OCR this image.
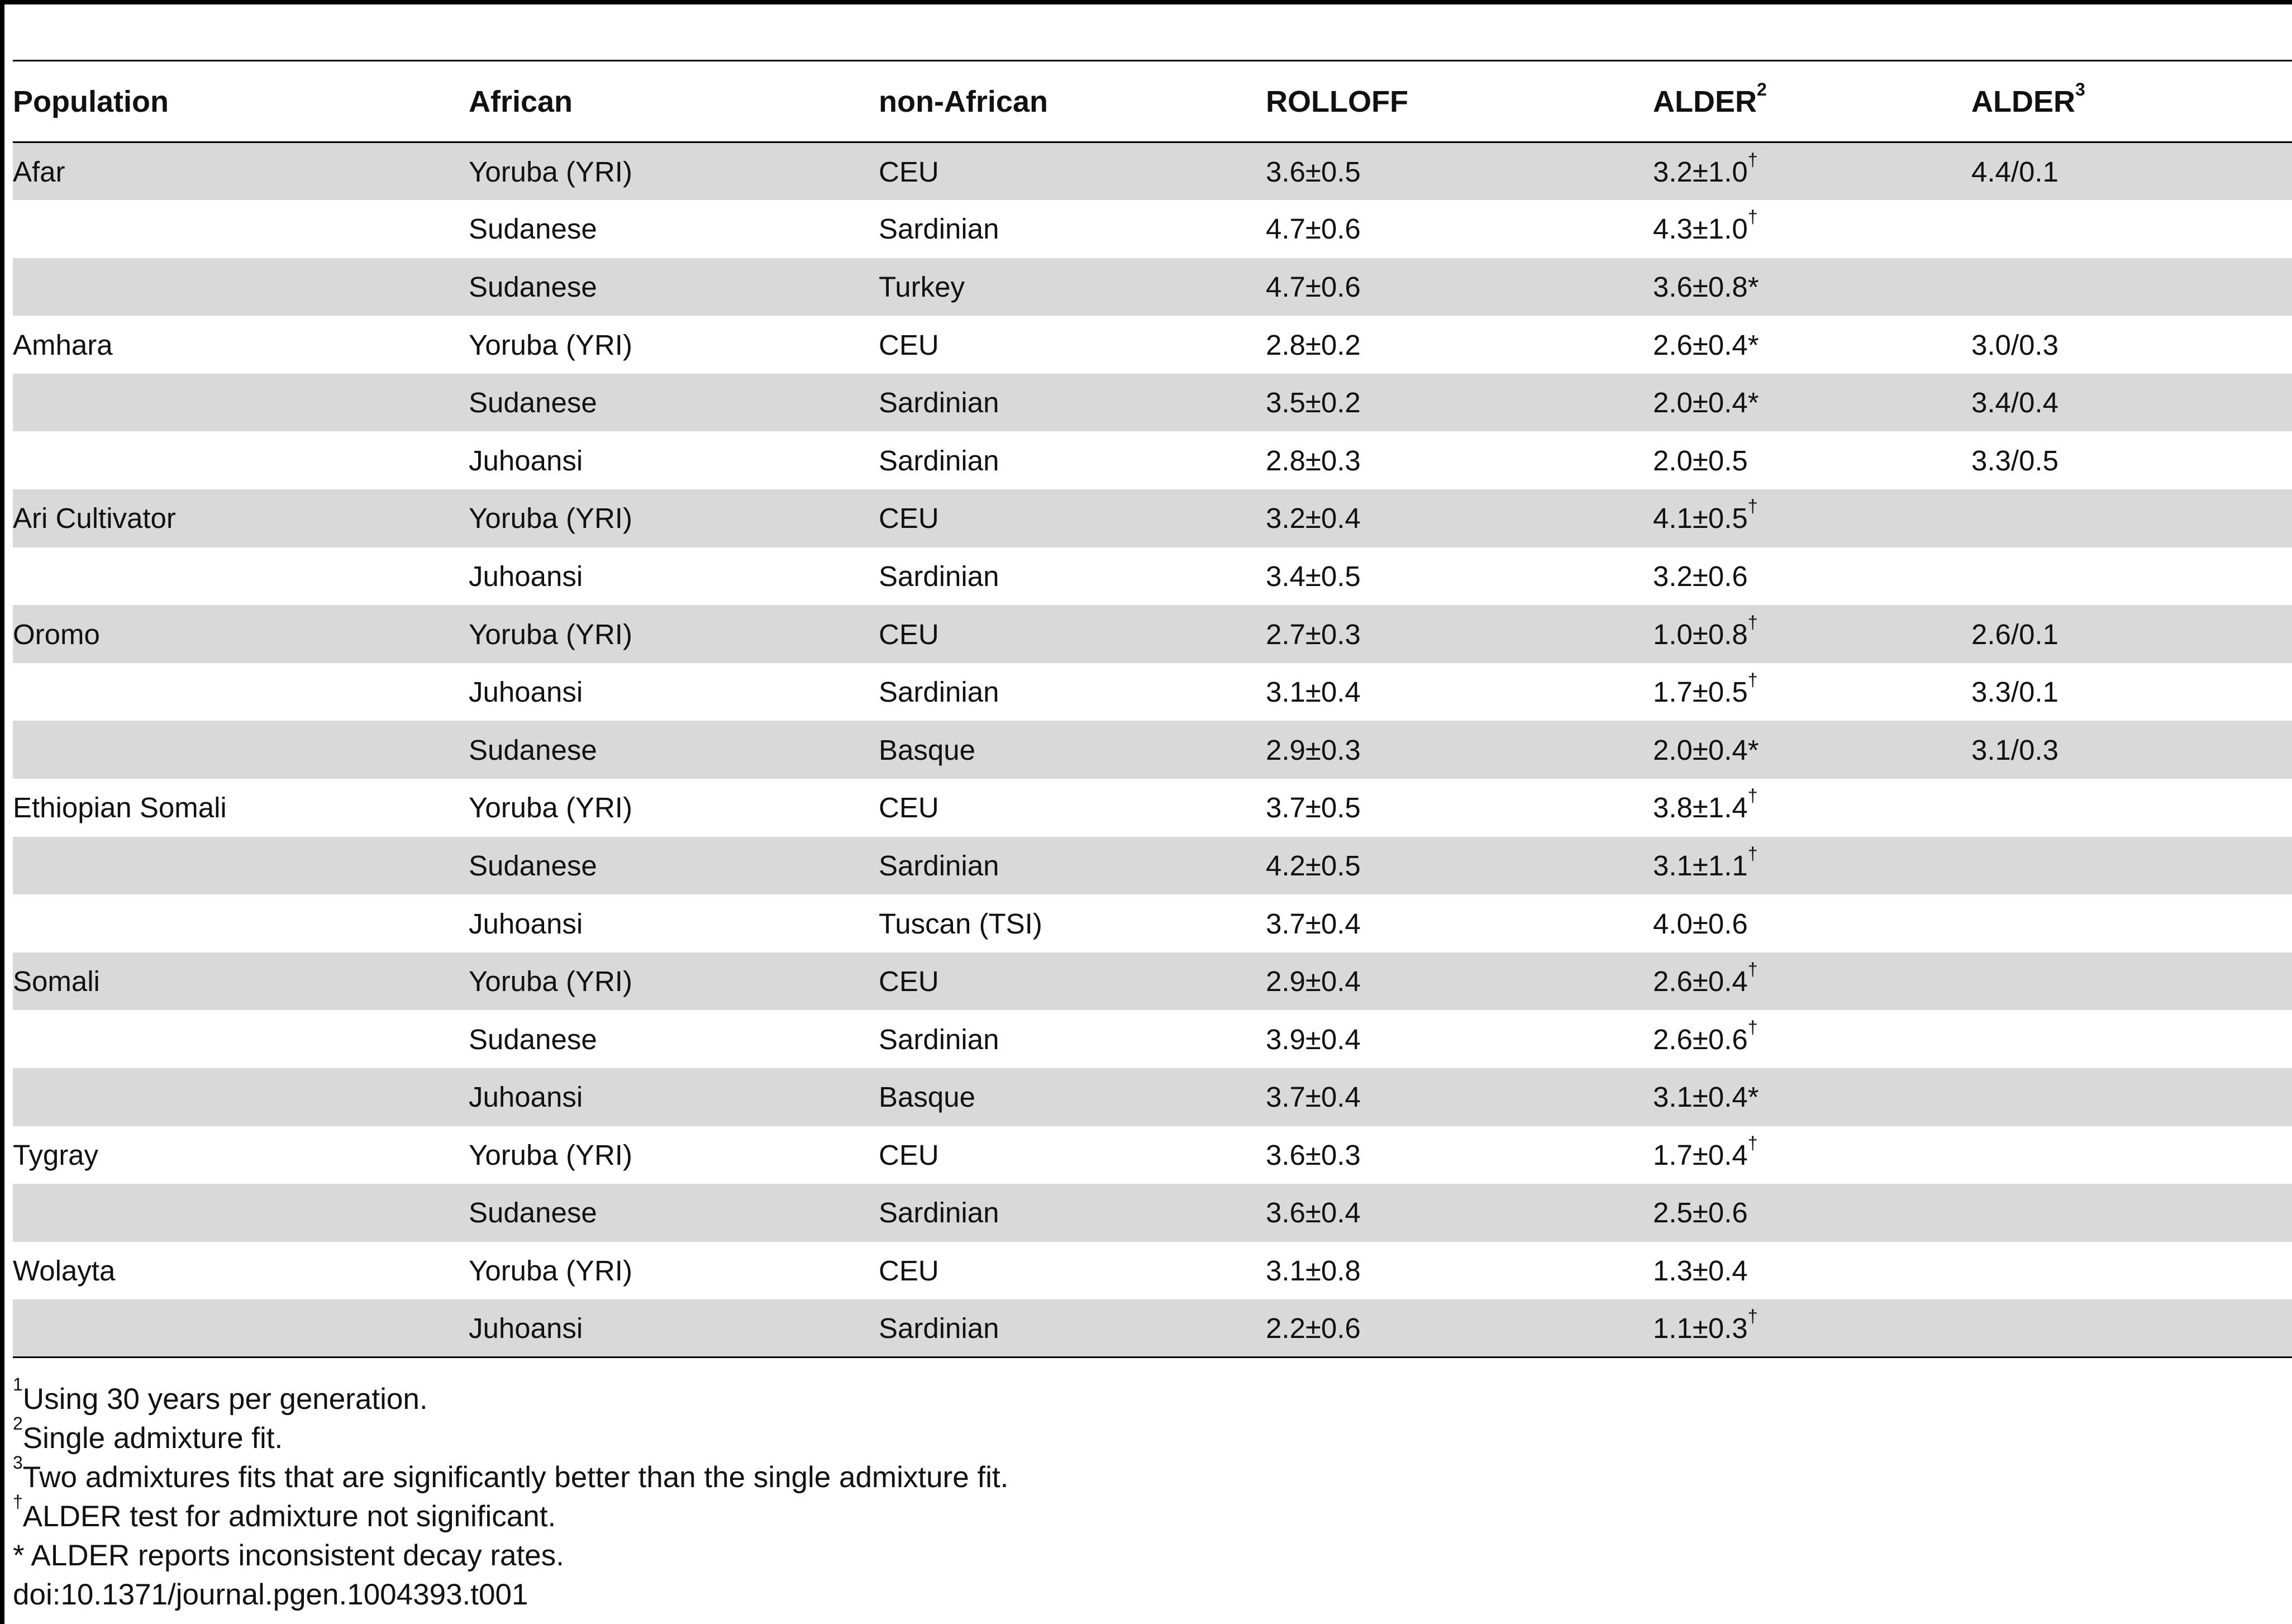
Population	African	non-African	ROLLOFF	ALDER$^2$	ALDER$^3$
Afar	Yoruba (YRI)	CEU	3.6±0.5	3.2±1.0†	4.4/0.1
	Sudanese	Sardinian	4.7±0.6	4.3±1.0†	
	Sudanese	Turkey	4.7±0.6	3.6±0.8*	
Amhara	Yoruba (YRI)	CEU	2.8±0.2	2.6±0.4*	3.0/0.3
	Sudanese	Sardinian	3.5±0.2	2.0±0.4*	3.4/0.4
	Juhoansi	Sardinian	2.8±0.3	2.0±0.5	3.3/0.5
Ari Cultivator	Yoruba (YRI)	CEU	3.2±0.4	4.1±0.5†	
	Juhoansi	Sardinian	3.4±0.5	3.2±0.6	
Oromo	Yoruba (YRI)	CEU	2.7±0.3	1.0±0.8†	2.6/0.1
	Juhoansi	Sardinian	3.1±0.4	1.7±0.5†	3.3/0.1
	Sudanese	Basque	2.9±0.3	2.0±0.4*	3.1/0.3
Ethiopian Somali	Yoruba (YRI)	CEU	3.7±0.5	3.8±1.4†	
	Sudanese	Sardinian	4.2±0.5	3.1±1.1†	
	Juhoansi	Tuscan (TSI)	3.7±0.4	4.0±0.6	
Somali	Yoruba (YRI)	CEU	2.9±0.4	2.6±0.4†	
	Sudanese	Sardinian	3.9±0.4	2.6±0.6†	
	Juhoansi	Basque	3.7±0.4	3.1±0.4*	
Tygray	Yoruba (YRI)	CEU	3.6±0.3	1.7±0.4†	
	Sudanese	Sardinian	3.6±0.4	2.5±0.6	
Wolayta	Yoruba (YRI)	CEU	3.1±0.8	1.3±0.4	
	Juhoansi	Sardinian	2.2±0.6	1.1±0.3†	
$^1$Using 30 years per generation.
$^2$Single admixture fit.
$^3$Two admixtures fits that are significantly better than the single admixture fit.
†ALDER test for admixture not significant.
* ALDER reports inconsistent decay rates.
doi:10.1371/journal.pgen.1004393.t001
